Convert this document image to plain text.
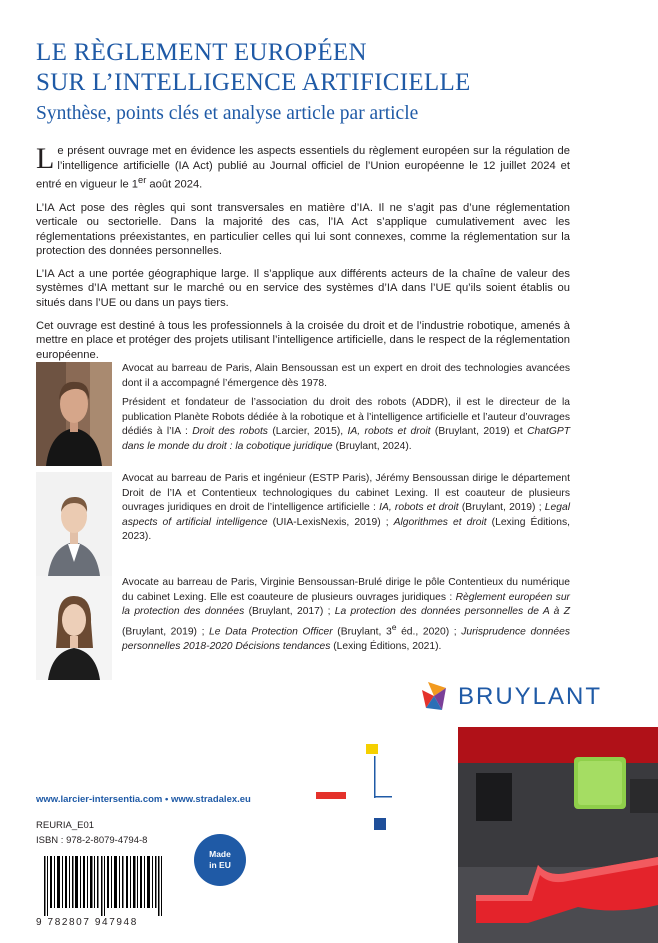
LE RÈGLEMENT EUROPÉEN
SUR L’INTELLIGENCE ARTIFICIELLE
Synthèse, points clés et analyse article par article

Le présent ouvrage met en évidence les aspects essentiels du règlement européen sur la régulation de l’intelligence artificielle (IA Act) publié au Journal officiel de l’Union européenne le 12 juillet 2024 et entré en vigueur le 1er août 2024.

L’IA Act pose des règles qui sont transversales en matière d’IA. Il ne s’agit pas d’une réglementation verticale ou sectorielle. Dans la majorité des cas, l’IA Act s’applique cumulativement avec les réglementations préexistantes, en particulier celles qui lui sont connexes, comme la réglementation sur la protection des données personnelles.

L’IA Act a une portée géographique large. Il s’applique aux différents acteurs de la chaîne de valeur des systèmes d’IA mettant sur le marché ou en service des systèmes d’IA dans l’UE qu’ils soient établis ou situés dans l’UE ou dans un pays tiers.

Cet ouvrage est destiné à tous les professionnels à la croisée du droit et de l’industrie robotique, amenés à mettre en place et protéger des projets utilisant l’intelligence artificielle, dans le respect de la réglementation européenne.

Avocat au barreau de Paris, Alain Bensoussan est un expert en droit des technologies avancées dont il a accompagné l’émergence dès 1978.

Président et fondateur de l’association du droit des robots (ADDR), il est le directeur de la publication Planète Robots dédiée à la robotique et à l’intelligence artificielle et l’auteur d’ouvrages dédiés à l’IA : Droit des robots (Larcier, 2015), IA, robots et droit (Bruylant, 2019) et ChatGPT dans le monde du droit : la cobotique juridique (Bruylant, 2024).

Avocat au barreau de Paris et ingénieur (ESTP Paris), Jérémy Bensoussan dirige le département Droit de l’IA et Contentieux technologiques du cabinet Lexing. Il est coauteur de plusieurs ouvrages juridiques en droit de l’intelligence artificielle : IA, robots et droit (Bruylant, 2019) ; Legal aspects of artificial intelligence (UIA-LexisNexis, 2019) ; Algorithmes et droit (Lexing Éditions, 2023).

Avocate au barreau de Paris, Virginie Bensoussan-Brulé dirige le pôle Contentieux du numérique du cabinet Lexing. Elle est coauteure de plusieurs ouvrages juridiques : Règlement européen sur la protection des données (Bruylant, 2017) ; La protection des données personnelles de A à Z (Bruylant, 2019) ; Le Data Protection Officer (Bruylant, 3e éd., 2020) ; Jurisprudence données personnelles 2018-2020 Décisions tendances (Lexing Éditions, 2021).

BRUYLANT
www.larcier-intersentia.com • www.stradalex.eu
REURIA_E01
ISBN : 978-2-8079-4794-8
9 782807 947948
Made
in EU
